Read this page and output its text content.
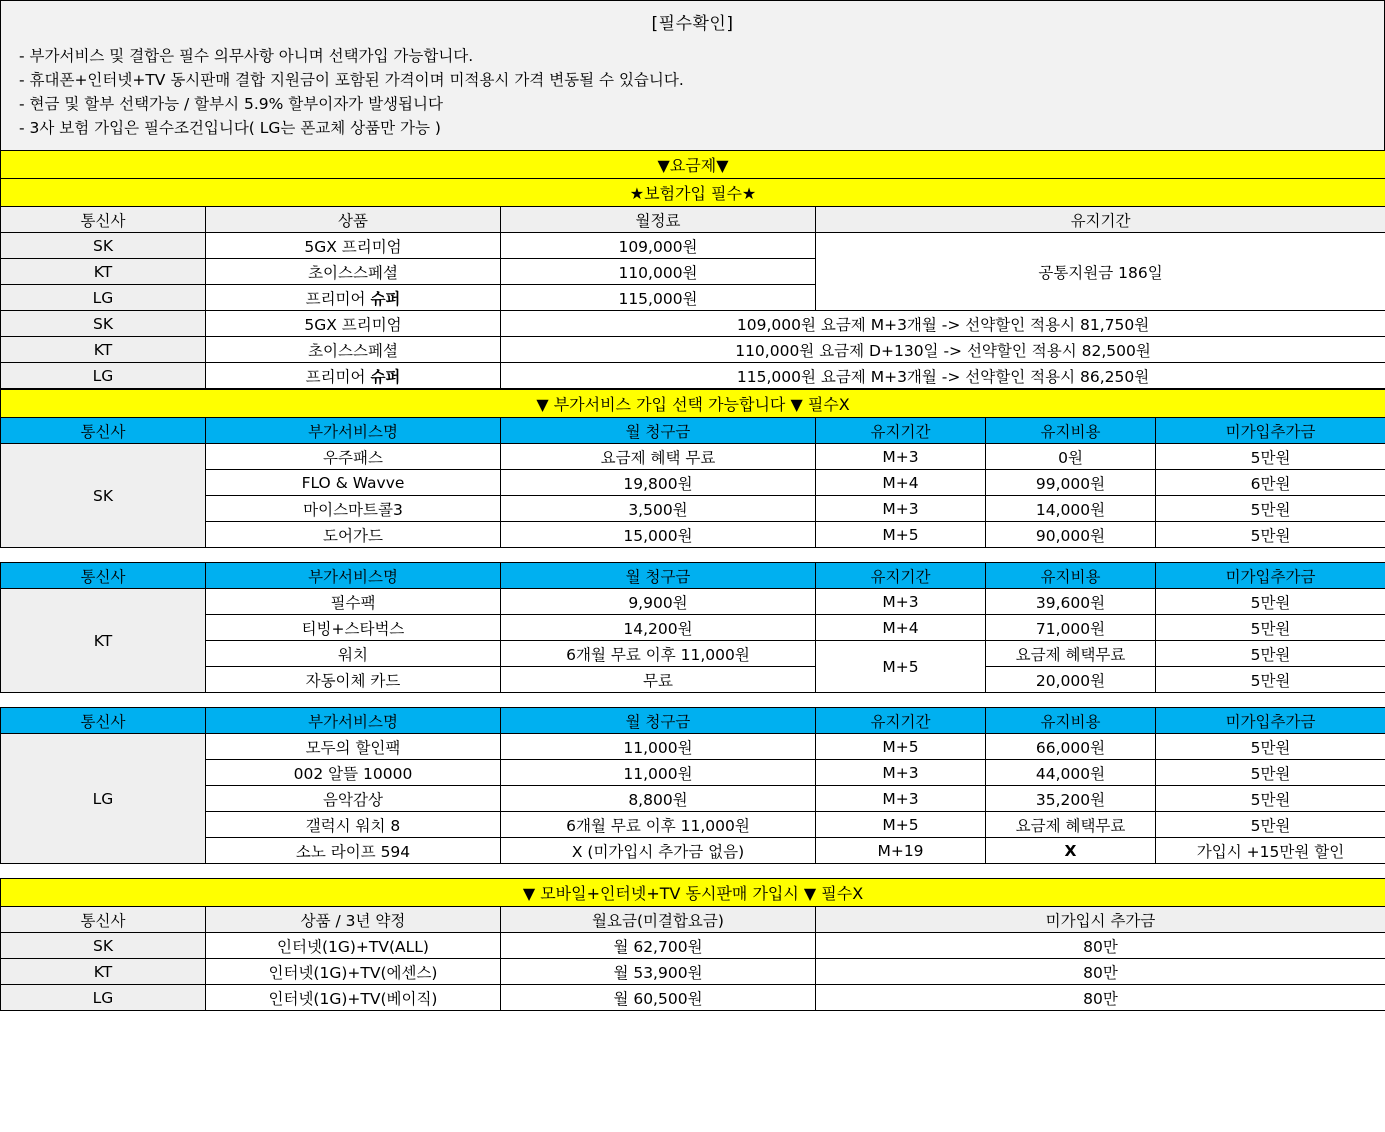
[필수확인]
- 부가서비스 및 결합은 필수 의무사항 아니며 선택가입 가능합니다.
- 휴대폰+인터넷+TV 동시판매 결합 지원금이 포함된 가격이며 미적용시 가격 변동될 수 있습니다.
- 현금 및 할부 선택가능 / 할부시 5.9% 할부이자가 발생됩니다
- 3사 보험 가입은 필수조건입니다( LG는 폰교체 상품만 가능 )
▼요금제▼			
★보험가입 필수★			
통신사	상품	월정료	유지기간
SK	5GX 프리미엄	109,000원	공통지원금 186일
KT	초이스스페셜	110,000원	
LG	프리미어 슈퍼	115,000원	
SK	5GX 프리미엄	109,000원 요금제 M+3개월 -> 선약할인 적용시 81,750원	
KT	초이스스페셜	110,000원 요금제 D+130일 -> 선약할인 적용시 82,500원	
LG	프리미어 슈퍼	115,000원 요금제 M+3개월 -> 선약할인 적용시 86,250원	
▼ 부가서비스 가입 선택 가능합니다 ▼ 필수X					
통신사	부가서비스명	월 청구금	유지기간	유지비용	미가입추가금
SK	우주패스	요금제 혜택 무료	M+3	0원	5만원
	FLO & Wavve	19,800원	M+4	99,000원	6만원
	마이스마트콜3	3,500원	M+3	14,000원	5만원
	도어가드	15,000원	M+5	90,000원	5만원
통신사	부가서비스명	월 청구금	유지기간	유지비용	미가입추가금
KT	필수팩	9,900원	M+3	39,600원	5만원
	티빙+스타벅스	14,200원	M+4	71,000원	5만원
	워치	6개월 무료 이후 11,000원	M+5	요금제 혜택무료	5만원
	자동이체 카드	무료		20,000원	5만원
통신사	부가서비스명	월 청구금	유지기간	유지비용	미가입추가금
LG	모두의 할인팩	11,000원	M+5	66,000원	5만원
	002 알뜰 10000	11,000원	M+3	44,000원	5만원
	음악감상	8,800원	M+3	35,200원	5만원
	갤럭시 워치 8	6개월 무료 이후 11,000원	M+5	요금제 혜택무료	5만원
	소노 라이프 594	X (미가입시 추가금 없음)	M+19	X	가입시 +15만원 할인
▼ 모바일+인터넷+TV 동시판매 가입시 ▼ 필수X			
통신사	상품 / 3년 약정	월요금(미결합요금)	미가입시 추가금
SK	인터넷(1G)+TV(ALL)	월 62,700원	80만
KT	인터넷(1G)+TV(에센스)	월 53,900원	80만
LG	인터넷(1G)+TV(베이직)	월 60,500원	80만
